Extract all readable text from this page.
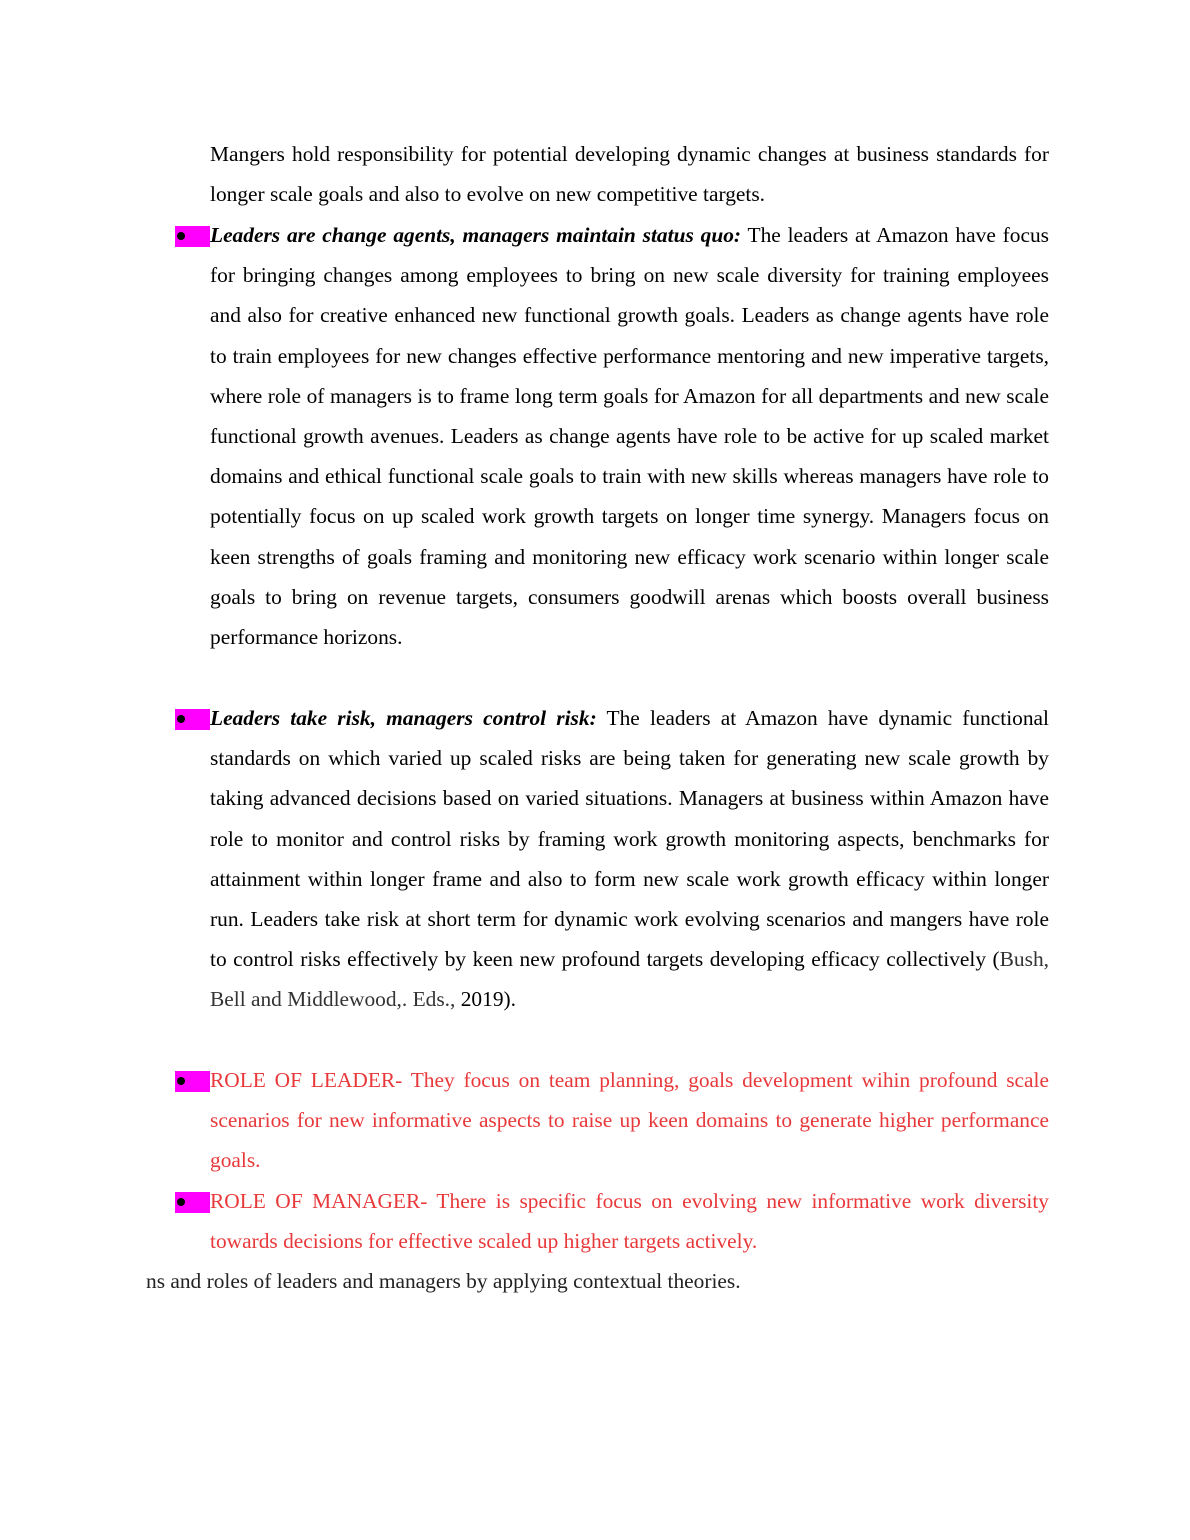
Mangers hold responsibility for potential developing dynamic changes at business standards for longer scale goals and also to evolve on new competitive targets.

Leaders are change agents, managers maintain status quo: The leaders at Amazon have focus for bringing changes among employees to bring on new scale diversity for training employees and also for creative enhanced new functional growth goals. Leaders as change agents have role to train employees for new changes effective performance mentoring and new imperative targets, where role of managers is to frame long term goals for Amazon for all departments and new scale functional growth avenues. Leaders as change agents have role to be active for up scaled market domains and ethical functional scale goals to train with new skills whereas managers have role to potentially focus on up scaled work growth targets on longer time synergy. Managers focus on keen strengths of goals framing and monitoring new efficacy work scenario within longer scale goals to bring on revenue targets, consumers goodwill arenas which boosts overall business performance horizons.

Leaders take risk, managers control risk: The leaders at Amazon have dynamic functional standards on which varied up scaled risks are being taken for generating new scale growth by taking advanced decisions based on varied situations. Managers at business within Amazon have role to monitor and control risks by framing work growth monitoring aspects, benchmarks for attainment within longer frame and also to form new scale work growth efficacy within longer run. Leaders take risk at short term for dynamic work evolving scenarios and mangers have role to control risks effectively by keen new profound targets developing efficacy collectively (Bush, Bell and Middlewood,. Eds., 2019).

ROLE OF LEADER- They focus on team planning, goals development wihin profound scale scenarios for new informative aspects to raise up keen domains to generate higher performance goals.

ROLE OF MANAGER- There is specific focus on evolving new informative work diversity towards decisions for effective scaled up higher targets actively.

ns and roles of leaders and managers by applying contextual theories.
